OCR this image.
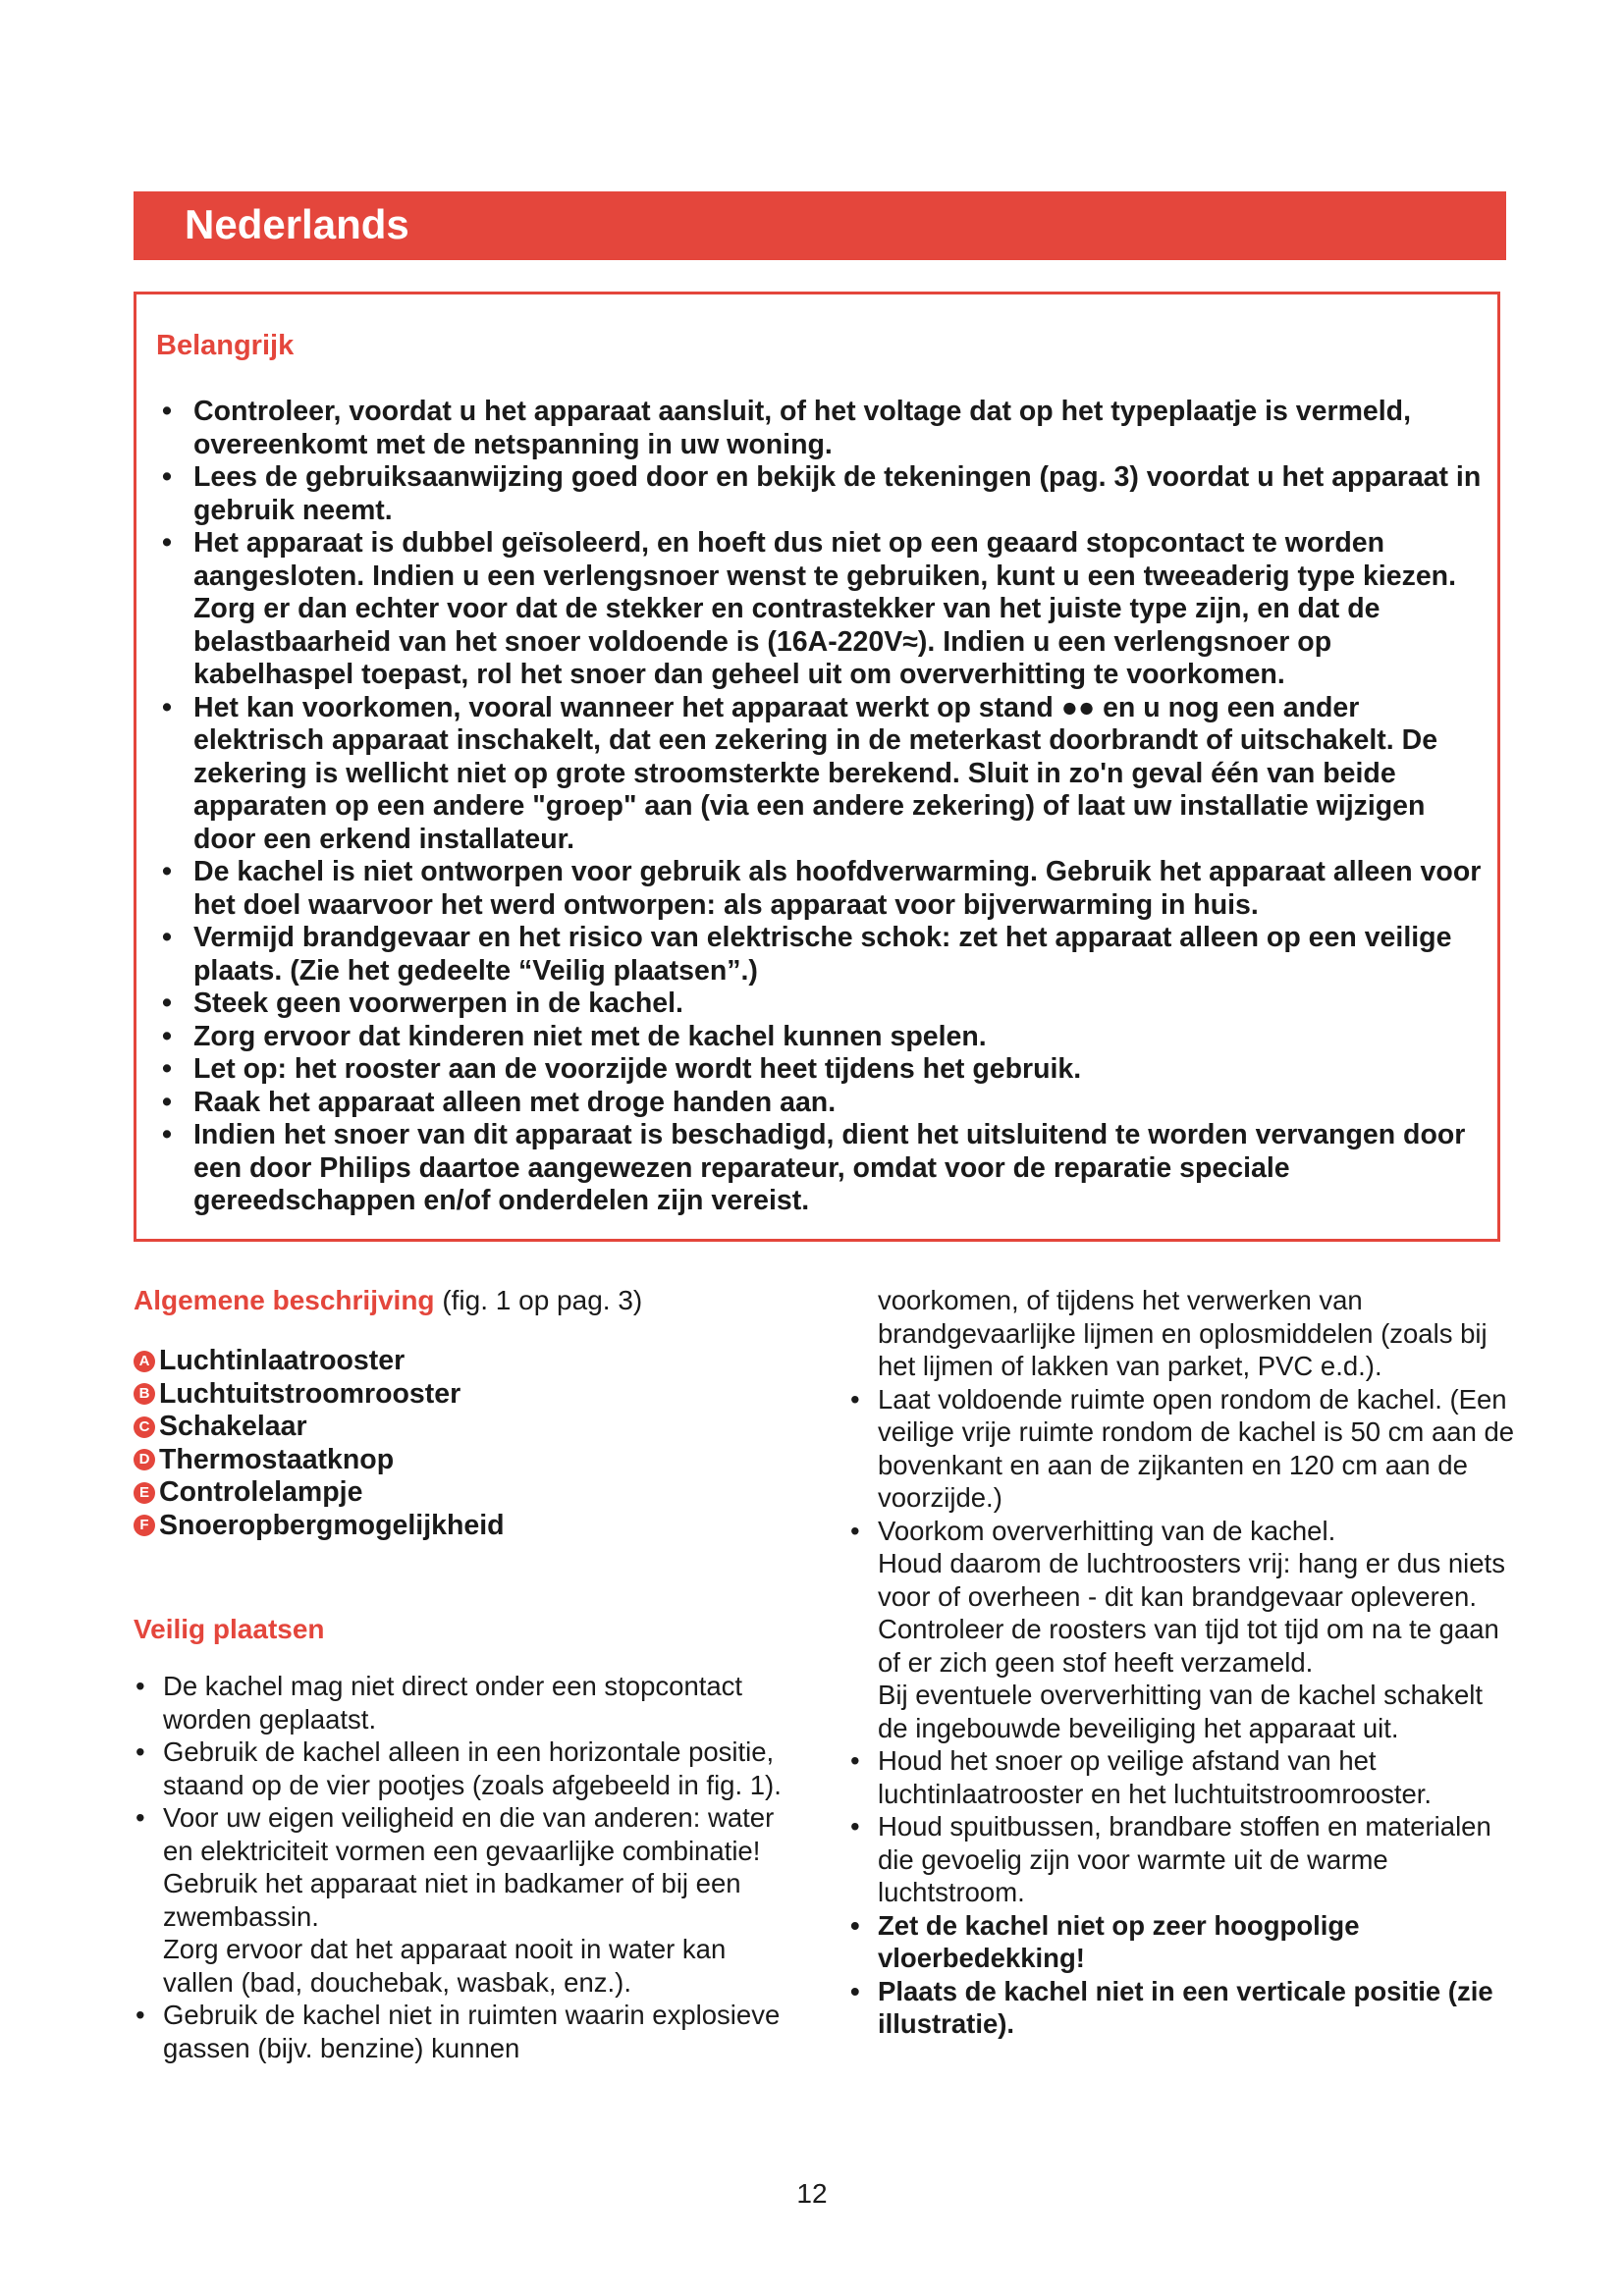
Nederlands
Belangrijk
• Controleer, voordat u het apparaat aansluit, of het voltage dat op het typeplaatje is vermeld, overeenkomt met de netspanning in uw woning.
• Lees de gebruiksaanwijzing goed door en bekijk de tekeningen (pag. 3) voordat u het apparaat in gebruik neemt.
• Het apparaat is dubbel geïsoleerd, en hoeft dus niet op een geaard stopcontact te worden aangesloten. Indien u een verlengsnoer wenst te gebruiken, kunt u een tweeaderig type kiezen. Zorg er dan echter voor dat de stekker en contrastekker van het juiste type zijn, en dat de belastbaarheid van het snoer voldoende is (16A-220V≈). Indien u een verlengsnoer op kabelhaspel toepast, rol het snoer dan geheel uit om oververhitting te voorkomen.
• Het kan voorkomen, vooral wanneer het apparaat werkt op stand ●● en u nog een ander elektrisch apparaat inschakelt, dat een zekering in de meterkast doorbrandt of uitschakelt. De zekering is wellicht niet op grote stroomsterkte berekend. Sluit in zo'n geval één van beide apparaten op een andere "groep" aan (via een andere zekering) of laat uw installatie wijzigen door een erkend installateur.
• De kachel is niet ontworpen voor gebruik als hoofdverwarming. Gebruik het apparaat alleen voor het doel waarvoor het werd ontworpen: als apparaat voor bijverwarming in huis.
• Vermijd brandgevaar en het risico van elektrische schok: zet het apparaat alleen op een veilige plaats. (Zie het gedeelte “Veilig plaatsen”.)
• Steek geen voorwerpen in de kachel.
• Zorg ervoor dat kinderen niet met de kachel kunnen spelen.
• Let op: het rooster aan de voorzijde wordt heet tijdens het gebruik.
• Raak het apparaat alleen met droge handen aan.
• Indien het snoer van dit apparaat is beschadigd, dient het uitsluitend te worden vervangen door een door Philips daartoe aangewezen reparateur, omdat voor de reparatie speciale gereedschappen en/of onderdelen zijn vereist.
Algemene beschrijving (fig. 1 op pag. 3)
A Luchtinlaatrooster
B Luchtuitstroomrooster
C Schakelaar
D Thermostaatknop
E Controlelampje
F Snoeropbergmogelijkheid
Veilig plaatsen
• De kachel mag niet direct onder een stopcontact worden geplaatst.
• Gebruik de kachel alleen in een horizontale positie, staand op de vier pootjes (zoals afgebeeld in fig. 1).
• Voor uw eigen veiligheid en die van anderen: water en elektriciteit vormen een gevaarlijke combinatie!
Gebruik het apparaat niet in badkamer of bij een zwembassin.
Zorg ervoor dat het apparaat nooit in water kan vallen (bad, douchebak, wasbak, enz.).
• Gebruik de kachel niet in ruimten waarin explosieve gassen (bijv. benzine) kunnen
voorkomen, of tijdens het verwerken van brandgevaarlijke lijmen en oplosmiddelen (zoals bij het lijmen of lakken van parket, PVC e.d.).
• Laat voldoende ruimte open rondom de kachel. (Een veilige vrije ruimte rondom de kachel is 50 cm aan de bovenkant en aan de zijkanten en 120 cm aan de voorzijde.)
• Voorkom oververhitting van de kachel.
Houd daarom de luchtroosters vrij: hang er dus niets voor of overheen - dit kan brandgevaar opleveren.
Controleer de roosters van tijd tot tijd om na te gaan of er zich geen stof heeft verzameld.
Bij eventuele oververhitting van de kachel schakelt de ingebouwde beveiliging het apparaat uit.
• Houd het snoer op veilige afstand van het luchtinlaatrooster en het luchtuitstroomrooster.
• Houd spuitbussen, brandbare stoffen en materialen die gevoelig zijn voor warmte uit de warme luchtstroom.
• Zet de kachel niet op zeer hoogpolige vloerbedekking!
• Plaats de kachel niet in een verticale positie (zie illustratie).
12
